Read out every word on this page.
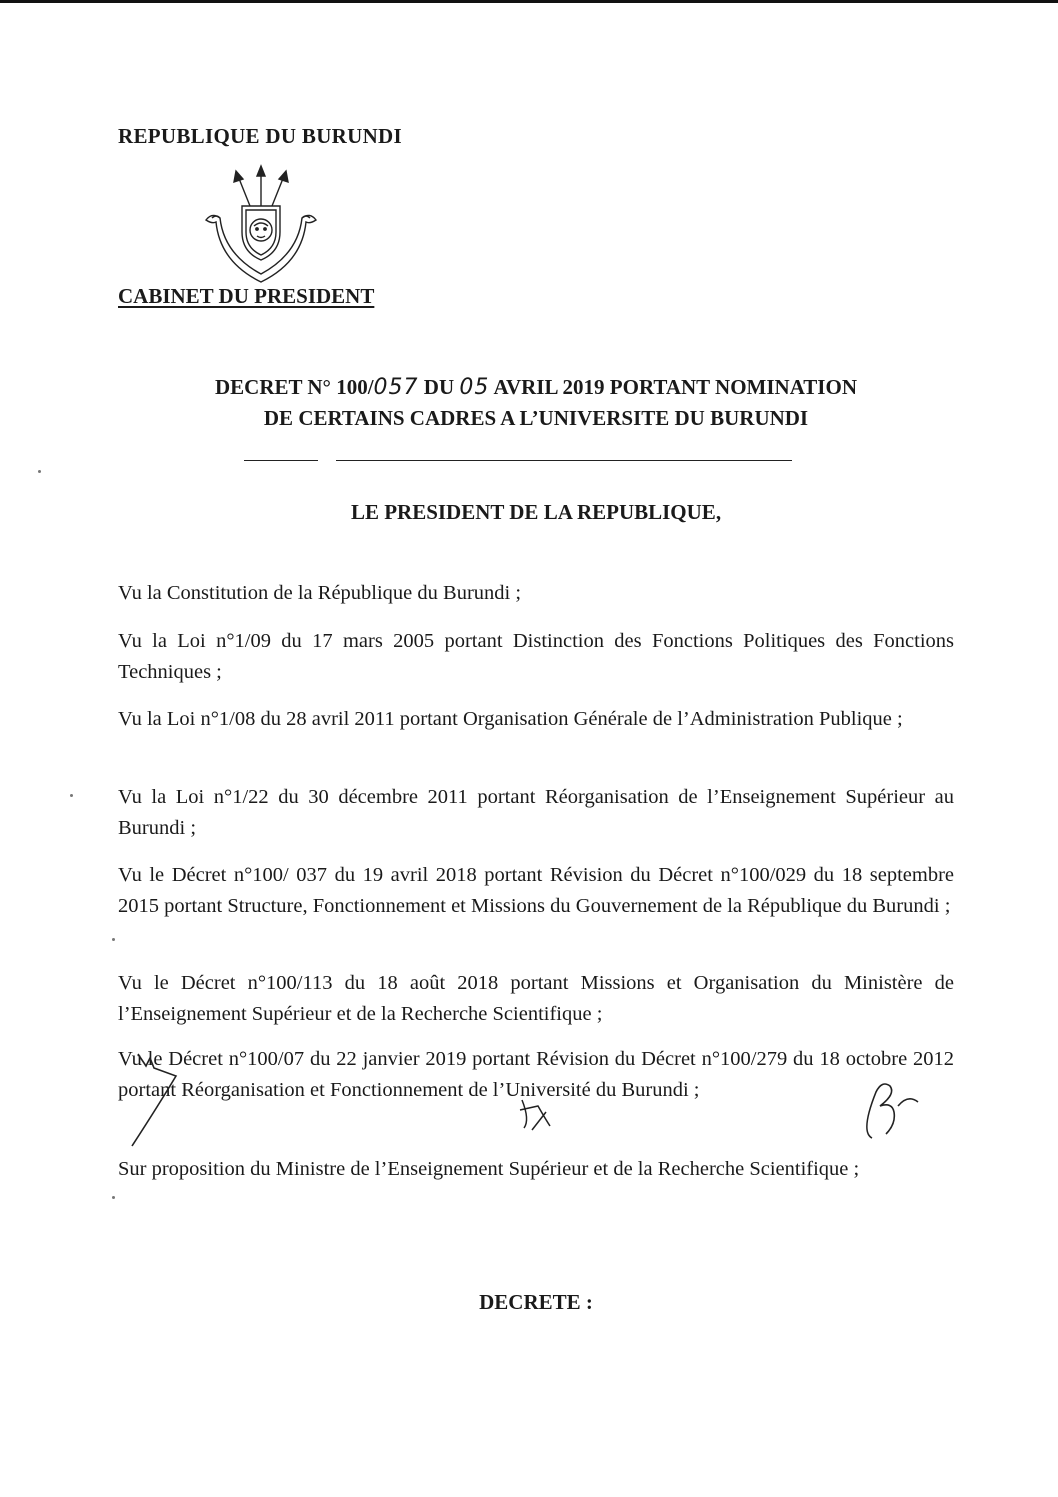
REPUBLIQUE DU BURUNDI
CABINET DU PRESIDENT
DECRET N° 100/057 DU 05 AVRIL 2019 PORTANT NOMINATION
DE CERTAINS CADRES A L’UNIVERSITE DU BURUNDI
LE PRESIDENT DE LA REPUBLIQUE,
Vu la Constitution de la République du Burundi ;
Vu la Loi n°1/09 du 17 mars 2005 portant Distinction des Fonctions Politiques des Fonctions Techniques ;
Vu la Loi n°1/08 du 28 avril 2011 portant Organisation Générale de l’Administration Publique ;
Vu la Loi n°1/22 du 30 décembre 2011 portant Réorganisation de l’Enseignement Supérieur au Burundi ;
Vu le Décret n°100/ 037 du 19 avril 2018 portant Révision du Décret n°100/029 du 18 septembre 2015 portant Structure, Fonctionnement et Missions du Gouvernement de la République du Burundi ;
Vu le Décret n°100/113 du 18 août 2018 portant Missions et Organisation du Ministère de l’Enseignement Supérieur et de la Recherche Scientifique ;
Vu le Décret n°100/07 du 22 janvier 2019 portant Révision du Décret n°100/279 du 18 octobre 2012 portant Réorganisation et Fonctionnement de l’Université du Burundi ;
Sur proposition du Ministre de l’Enseignement Supérieur et de la Recherche Scientifique ;
DECRETE :
